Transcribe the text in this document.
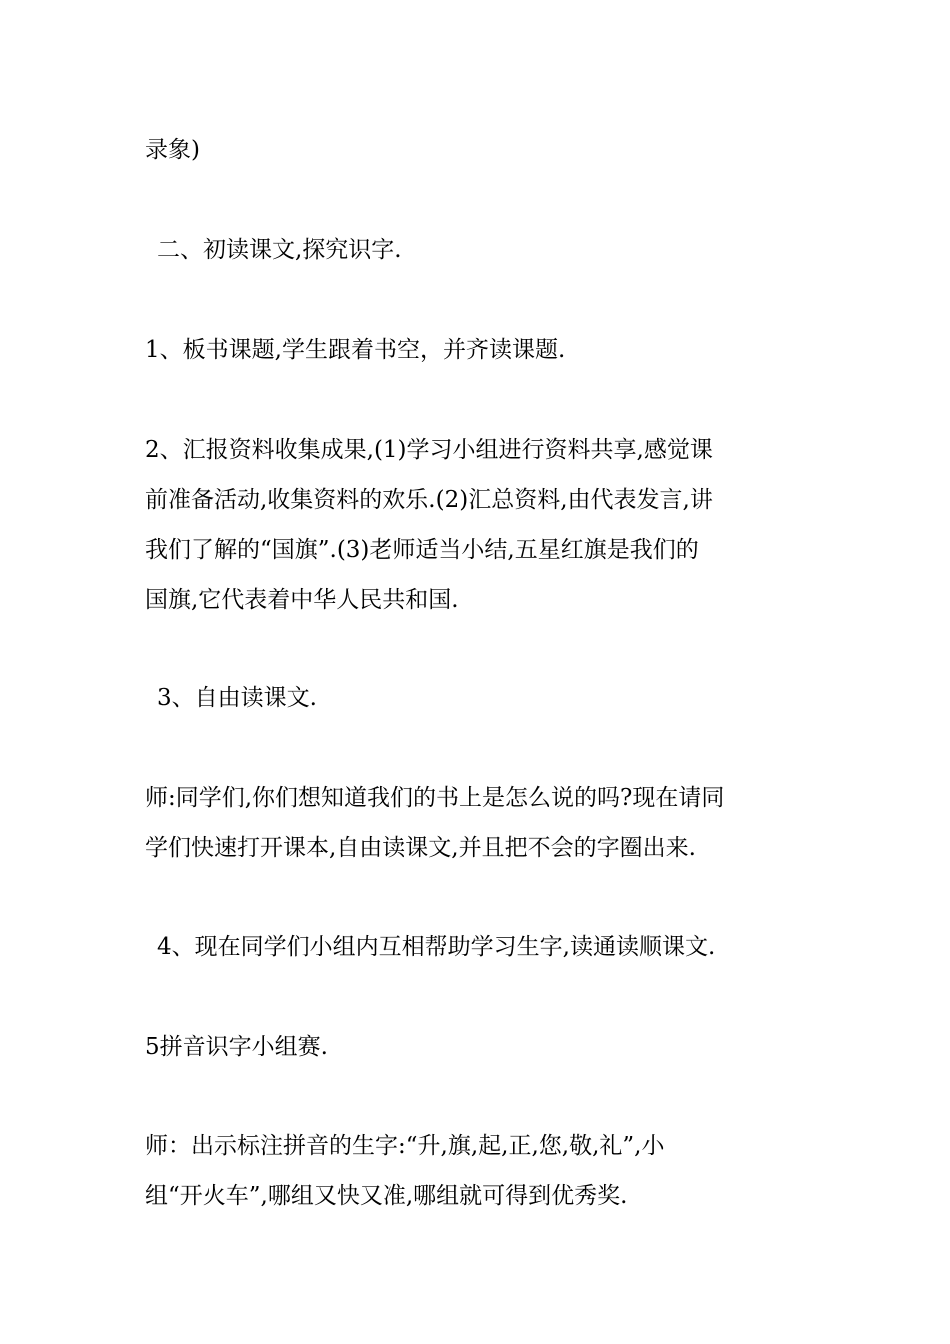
录象)

二、初读课文,探究识字.

1、板书课题,学生跟着书空，并齐读课题.

2、汇报资料收集成果,(1)学习小组进行资料共享,感觉课
前准备活动,收集资料的欢乐.(2)汇总资料,由代表发言,讲
我们了解的“国旗”.(3)老师适当小结,五星红旗是我们的
国旗,它代表着中华人民共和国.

3、自由读课文.

师:同学们,你们想知道我们的书上是怎么说的吗?现在请同
学们快速打开课本,自由读课文,并且把不会的字圈出来.

4、现在同学们小组内互相帮助学习生字,读通读顺课文.

5拼音识字小组赛.

师：出示标注拼音的生字:“升,旗,起,正,您,敬,礼”,小
组“开火车”,哪组又快又准,哪组就可得到优秀奖.
